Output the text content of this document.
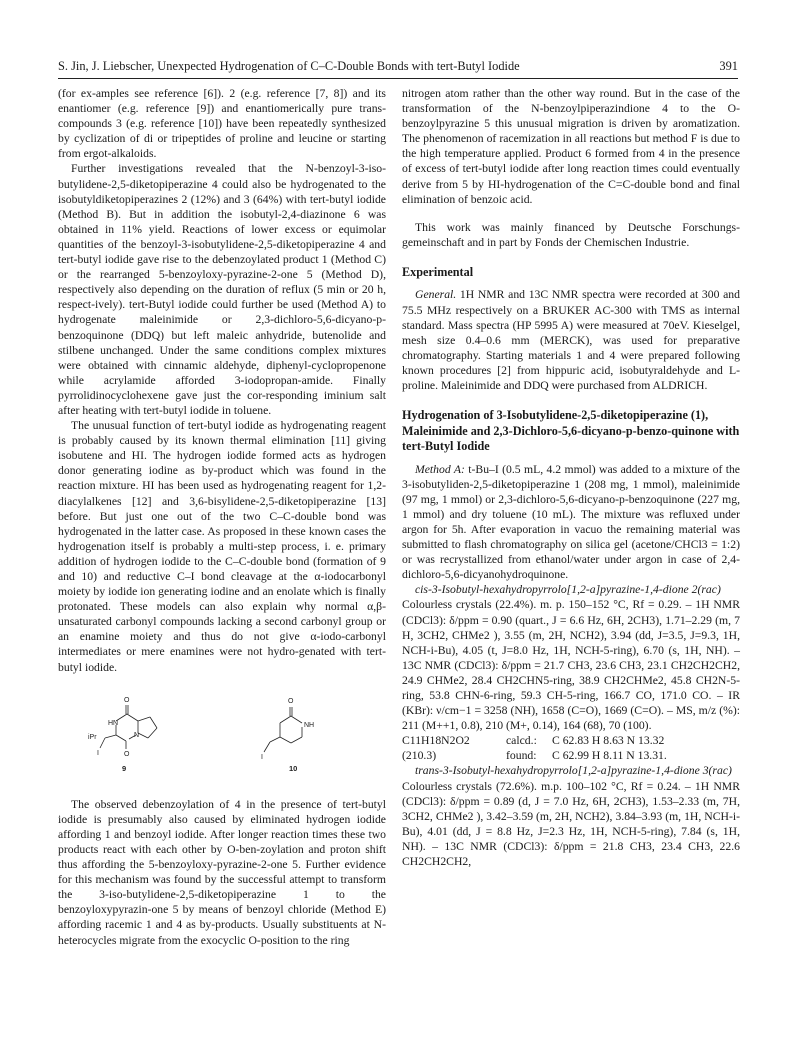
S. Jin, J. Liebscher, Unexpected Hydrogenation of C–C-Double Bonds with tert-Butyl Iodide	391

(for ex-amples see reference [6]). 2 (e.g. reference [7, 8]) and its enantiomer (e.g. reference [9]) and enantiomerically pure trans-compounds 3 (e.g. reference [10]) have been repeatedly synthesized by cyclization of di or tripeptides of proline and leucine or starting from ergot-alkaloids.

Further investigations revealed that the N-benzoyl-3-iso-butylidene-2,5-diketopiperazine 4 could also be hydrogenated to the isobutyldiketopiperazines 2 (12%) and 3 (64%) with tert-butyl iodide (Method B). But in addition the isobutyl-2,4-diazinone 6 was obtained in 11% yield. Reactions of lower excess or equimolar quantities of the benzoyl-3-isobutylidene-2,5-diketopiperazine 4 and tert-butyl iodide gave rise to the debenzoylated product 1 (Method C) or the rearranged 5-benzoyloxy-pyrazine-2-one 5 (Method D), respectively also depending on the duration of reflux (5 min or 20 h, respect-ively). tert-Butyl iodide could further be used (Method A) to hydrogenate maleinimide or 2,3-dichloro-5,6-dicyano-p-benzoquinone (DDQ) but left maleic anhydride, butenolide and stilbene unchanged. Under the same conditions complex mixtures were obtained with cinnamic aldehyde, diphenyl-cyclopropenone while acrylamide afforded 3-iodopropan-amide. Finally pyrrolidinocyclohexene gave just the cor-responding iminium salt after heating with tert-butyl iodide in toluene.

The unusual function of tert-butyl iodide as hydrogenating reagent is probably caused by its known thermal elimination [11] giving isobutene and HI. The hydrogen iodide formed acts as hydrogen donor generating iodine as by-product which was found in the reaction mixture. HI has been used as hydrogenating reagent for 1,2-diacylalkenes [12] and 3,6-bisylidene-2,5-diketopiperazine [13] before. But just one out of the two C–C-double bond was hydrogenated in the latter case. As proposed in these known cases the hydrogenation itself is probably a multi-step process, i. e. primary addition of hydrogen iodide to the C–C-double bond (formation of 9 and 10) and reductive C–I bond cleavage at the α-iodocarbonyl moiety by iodide ion generating iodine and an enolate which is finally protonated. These models can also explain why normal α,β-unsaturated carbonyl compounds lacking a second carbonyl group or an enamine moiety and thus do not give α-iodo-carbonyl intermediates or mere enamines were not hydro-genated with tert-butyl iodide.

O
HN
iPr	N
I	O
9
O
NH
I
10

The observed debenzoylation of 4 in the presence of tert-butyl iodide is presumably also caused by eliminated hydrogen iodide affording 1 and benzoyl iodide. After longer reaction times these two products react with each other by O-ben-zoylation and proton shift thus affording the 5-benzoyloxy-pyrazine-2-one 5. Further evidence for this mechanism was found by the successful attempt to transform the 3-iso-butylidene-2,5-diketopiperazine 1 to the benzoyloxypyrazin-one 5 by means of benzoyl chloride (Method E) affording racemic 1 and 4 as by-products. Usually substituents at N-heterocycles migrate from the exocyclic O-position to the ring

nitrogen atom rather than the other way round. But in the case of the transformation of the N-benzoylpiperazindione 4 to the O-benzoylpyrazine 5 this unusual migration is driven by aromatization. The phenomenon of racemization in all reactions but method F is due to the high temperature applied. Product 6 formed from 4 in the presence of excess of tert-butyl iodide after long reaction times could eventually derive from 5 by HI-hydrogenation of the C=C-double bond and final elimination of benzoic acid.

This work was mainly financed by Deutsche Forschungs-gemeinschaft and in part by Fonds der Chemischen Industrie.

Experimental

General. 1H NMR and 13C NMR spectra were recorded at 300 and 75.5 MHz respectively on a BRUKER AC-300 with TMS as internal standard. Mass spectra (HP 5995 A) were measured at 70eV. Kieselgel, mesh size 0.4–0.6 mm (MERCK), was used for preparative chromatography. Starting materials 1 and 4 were prepared following known procedures [2] from hippuric acid, isobutyraldehyde and L-proline. Maleinimide and DDQ were purchased from ALDRICH.

Hydrogenation of 3-Isobutylidene-2,5-diketopiperazine (1), Maleinimide and 2,3-Dichloro-5,6-dicyano-p-benzo-quinone with tert-Butyl Iodide

Method A: t-Bu–I (0.5 mL, 4.2 mmol) was added to a mixture of the 3-isobutyliden-2,5-diketopiperazine 1 (208 mg, 1 mmol), maleinimide (97 mg, 1 mmol) or 2,3-dichloro-5,6-dicyano-p-benzoquinone (227 mg, 1 mmol) and dry toluene (10 mL). The mixture was refluxed under argon for 5h. After evaporation in vacuo the remaining material was submitted to flash chromatography on silica gel (acetone/CHCl3 = 1:2) or was recrystallized from ethanol/water under argon in case of 2,4-dichloro-5,6-dicyanohydroquinone.

cis-3-Isobutyl-hexahydropyrrolo[1,2-a]pyrazine-1,4-dione 2(rac)

Colourless crystals (22.4%). m. p. 150–152 °C, Rf = 0.29. – 1H NMR (CDCl3): δ/ppm = 0.90 (quart., J = 6.6 Hz, 6H, 2CH3), 1.71–2.29 (m, 7 H, 3CH2, CHMe2 ), 3.55 (m, 2H, NCH2), 3.94 (dd, J=3.5, J=9.3, 1H, NCH-i-Bu), 4.05 (t, J=8.0 Hz, 1H, NCH-5-ring), 6.70 (s, 1H, NH). – 13C NMR (CDCl3): δ/ppm = 21.7 CH3, 23.6 CH3, 23.1 CH2CH2CH2, 24.9 CHMe2, 28.4 CH2CHN5-ring, 38.9 CH2CHMe2, 45.8 CH2N-5-ring, 53.8 CHN-6-ring, 59.3 CH-5-ring, 166.7 CO, 171.0 CO. – IR (KBr): ν/cm−1 = 3258 (NH), 1658 (C=O), 1669 (C=O). – MS, m/z (%): 211 (M++1, 0.8), 210 (M+, 0.14), 164 (68), 70 (100).

C11H18N2O2	calcd.: C 62.83 H 8.63 N 13.32

(210.3)	found: C 62.99 H 8.11 N 13.31.

trans-3-Isobutyl-hexahydropyrrolo[1,2-a]pyrazine-1,4-dione 3(rac)

Colourless crystals (72.6%). m.p. 100–102 °C, Rf = 0.24. – 1H NMR (CDCl3): δ/ppm = 0.89 (d, J = 7.0 Hz, 6H, 2CH3), 1.53–2.33 (m, 7H, 3CH2, CHMe2 ), 3.42–3.59 (m, 2H, NCH2), 3.84–3.93 (m, 1H, NCH-i-Bu), 4.01 (dd, J = 8.8 Hz, J=2.3 Hz, 1H, NCH-5-ring), 7.84 (s, 1H, NH). – 13C NMR (CDCl3): δ/ppm = 21.8 CH3, 23.4 CH3, 22.6 CH2CH2CH2,
